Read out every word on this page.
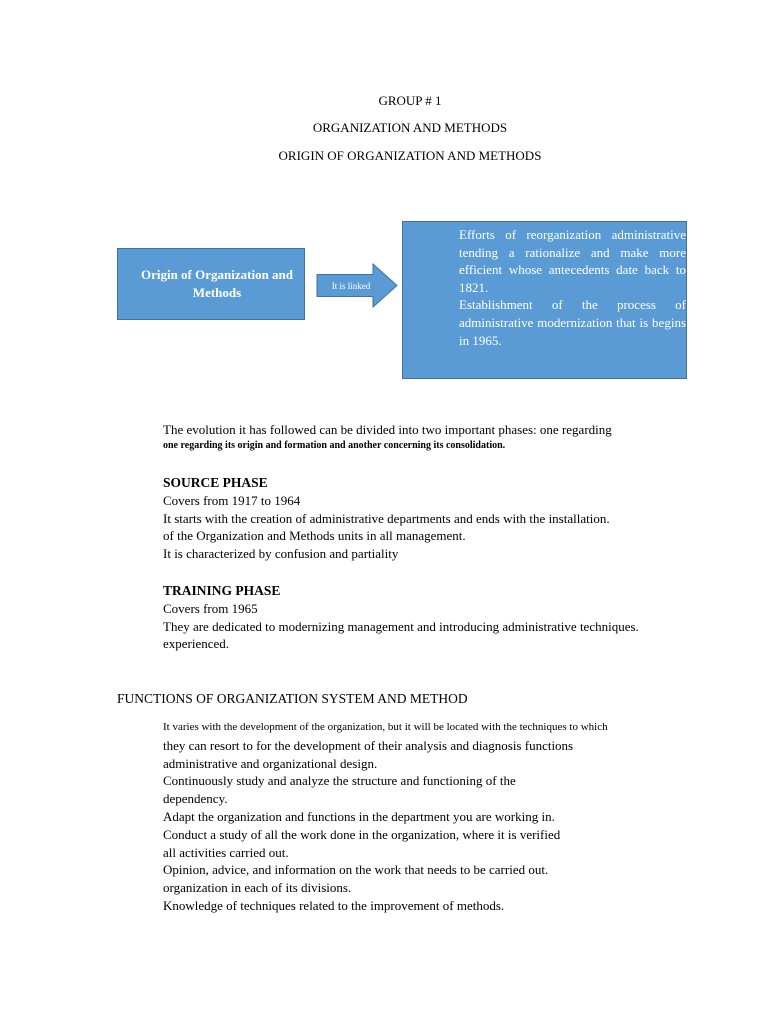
GROUP # 1
ORGANIZATION AND METHODS
ORIGIN OF ORGANIZATION AND METHODS
Origin of Organization and Methods	It is linked
Efforts of reorganization administrative tending a rationalize and make more efficient whose antecedents date back to 1821.
Establishment of the process of administrative modernization that is begins in 1965.
The evolution it has followed can be divided into two important phases: one regarding
one regarding its origin and formation and another concerning its consolidation.
SOURCE PHASE
Covers from 1917 to 1964
It starts with the creation of administrative departments and ends with the installation.
of the Organization and Methods units in all management.
It is characterized by confusion and partiality
TRAINING PHASE
Covers from 1965
They are dedicated to modernizing management and introducing administrative techniques.
experienced.
FUNCTIONS OF ORGANIZATION SYSTEM AND METHOD
It varies with the development of the organization, but it will be located with the techniques to which
they can resort to for the development of their analysis and diagnosis functions
administrative and organizational design.
Continuously study and analyze the structure and functioning of the
dependency.
Adapt the organization and functions in the department you are working in.
Conduct a study of all the work done in the organization, where it is verified
all activities carried out.
Opinion, advice, and information on the work that needs to be carried out.
organization in each of its divisions.
Knowledge of techniques related to the improvement of methods.
